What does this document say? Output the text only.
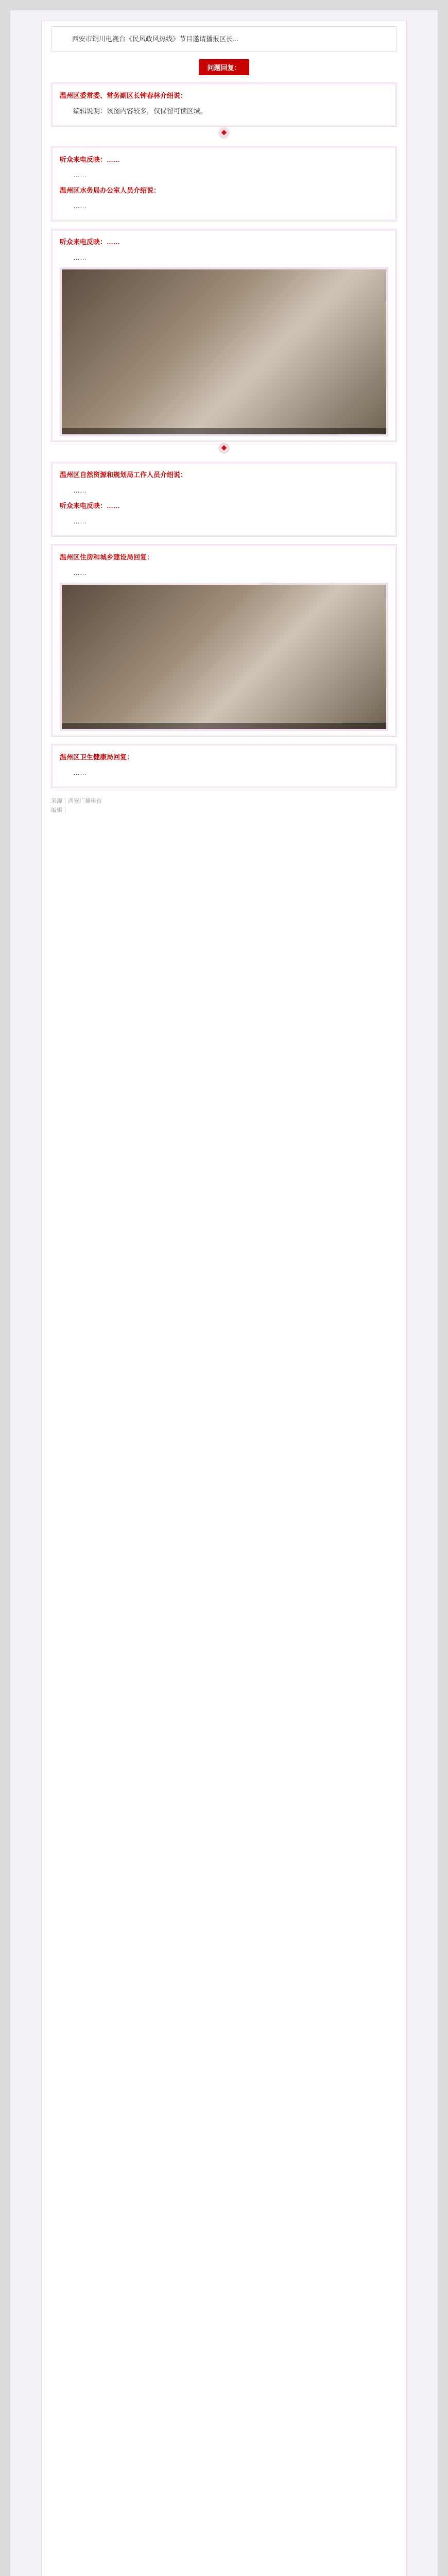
西安市铜川电视台《民风政风热线》节目邀请播报区长...
问题回复：
温州区委常委、常务副区长钟春林介绍说：
编辑说明：该图内容较多，仅保留可读区域。
❖
听众来电反映：……
……
温州区水务局办公室人员介绍说：
……
听众来电反映：……
……
❖
温州区自然资源和规划局工作人员介绍说：
……
听众来电反映：……
……
温州区住房和城乡建设局回复：
……
温州区卫生健康局回复：
……
来源｜西安广播电台
编辑｜
